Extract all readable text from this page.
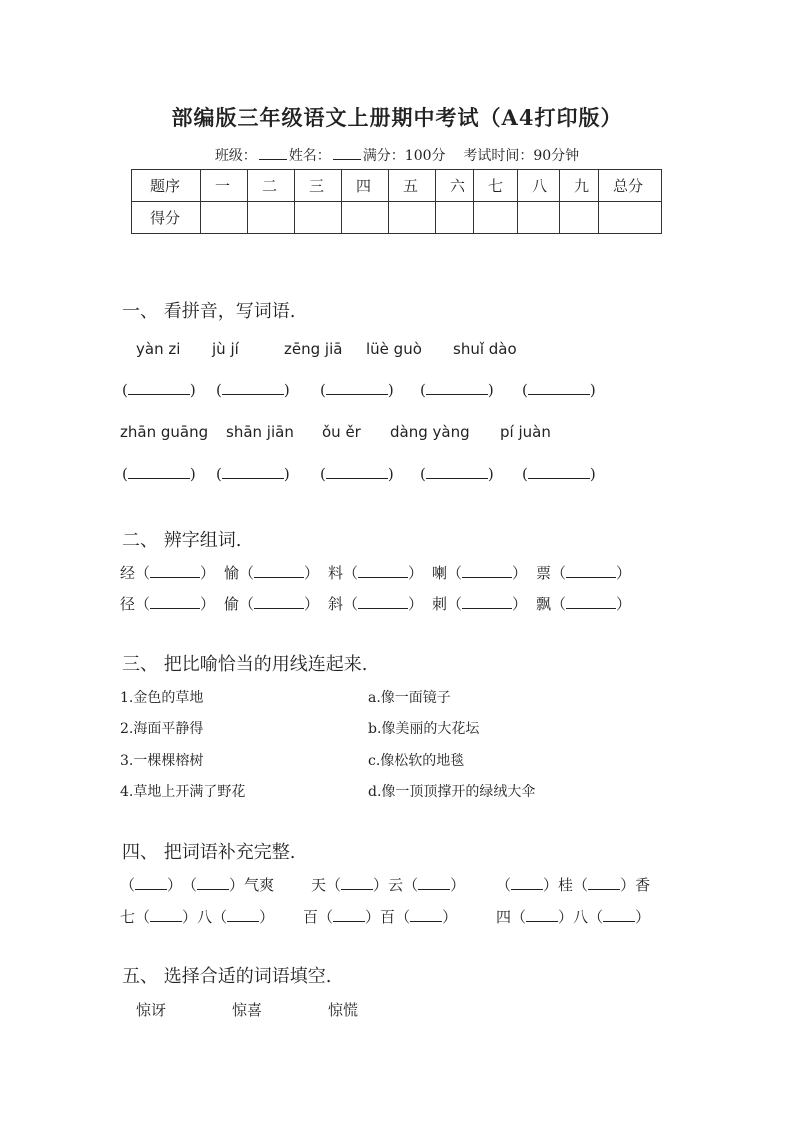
部编版三年级语文上册期中考试（A4打印版）
班级： 姓名： 满分：100分 考试时间：90分钟
题序	一	二	三	四	五	六	七	八	九	总分
得分										
一、 看拼音，写词语.
yàn zi jù jí	zēng jiā lüè guò shuǐ dào
(	) (	) (	) (	) (	)
zhān guāng shān jiān ǒu ěr dàng yàng pí juàn
(	) (	) (	) (	) (	)
二、 辨字组词.
经（	） 愉（	） 料（	） 喇（	） 票（	）
径（	） 偷（	） 斜（	） 刺（	） 飘（	）
三、 把比喻恰当的用线连起来.
1.金色的草地
2.海面平静得
3.一棵棵榕树
4.草地上开满了野花
a.像一面镜子
b.像美丽的大花坛
c.像松软的地毯
d.像一顶顶撑开的绿绒大伞
四、 把词语补充完整.
（ ）（ ）气爽 天（ ）云（ ） （ ）桂（ ）香
七（ ）八（ ） 百（ ）百（ ）	四（ ）八（ ）
五、 选择合适的词语填空.
惊讶	惊喜	惊慌
